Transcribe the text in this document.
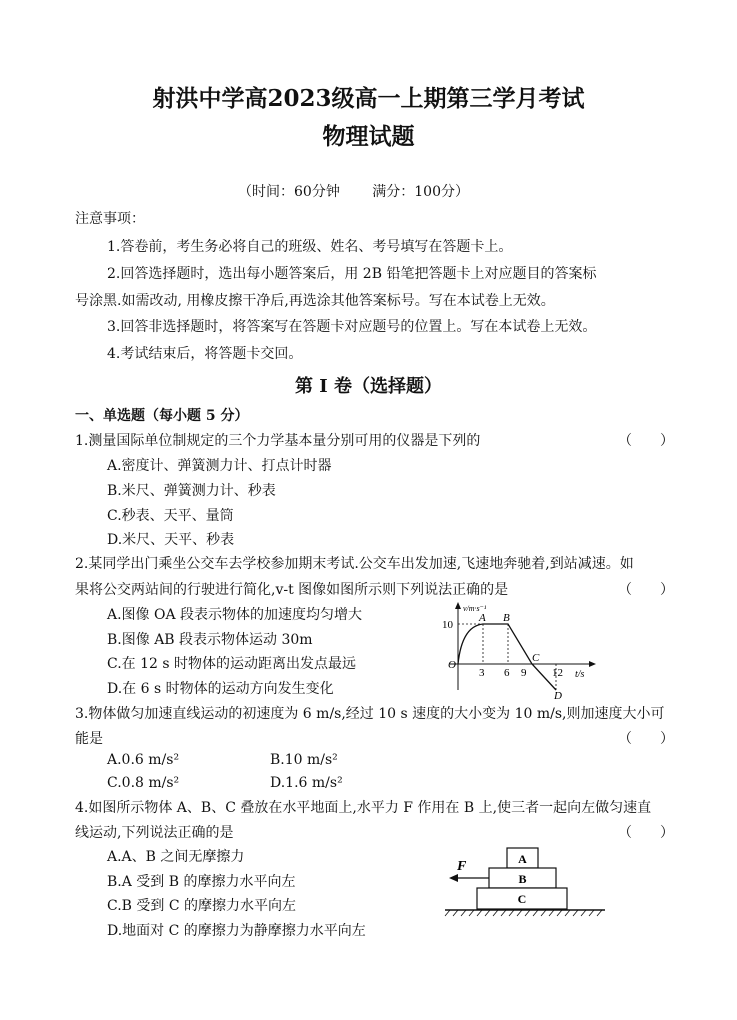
射洪中学高2023级高一上期第三学月考试
物理试题
（时间：60分钟　　 满分：100分）
注意事项：
1.答卷前，考生务必将自己的班级、姓名、考号填写在答题卡上。
2.回答选择题时，选出每小题答案后，用 2B 铅笔把答题卡上对应题目的答案标
号涂黑.如需改动, 用橡皮擦干净后,再选涂其他答案标号。写在本试卷上无效。
3.回答非选择题时，将答案写在答题卡对应题号的位置上。写在本试卷上无效。
4.考试结束后，将答题卡交回。
第 I 卷（选择题）
一、单选题（每小题 5 分）
1.测量国际单位制规定的三个力学基本量分别可用的仪器是下列的	（　　）
A.密度计、弹簧测力计、打点计时器
B.米尺、弹簧测力计、秒表
C.秒表、天平、量筒
D.米尺、天平、秒表
2.某同学出门乘坐公交车去学校参加期末考试.公交车出发加速,飞速地奔驰着,到站减速。如
果将公交两站间的行驶进行简化,v-t 图像如图所示则下列说法正确的是	（　　）
A.图像 OA 段表示物体的加速度均匀增大
B.图像 AB 段表示物体运动 30m
C.在 12 s 时物体的运动距离出发点最远
D.在 6 s 时物体的运动方向发生变化
v/m·s⁻¹
t/s
O
10
3 6 9 12
A B
C
D
3.物体做匀加速直线运动的初速度为 6 m/s,经过 10 s 速度的大小变为 10 m/s,则加速度大小可
能是	（　　）
A.0.6 m/s²	B.10 m/s²
C.0.8 m/s²	D.1.6 m/s²
4.如图所示物体 A、B、C 叠放在水平地面上,水平力 F 作用在 B 上,使三者一起向左做匀速直
线运动,下列说法正确的是	（　　）
A.A、B 之间无摩擦力
B.A 受到 B 的摩擦力水平向左
C.B 受到 C 的摩擦力水平向左
D.地面对 C 的摩擦力为静摩擦力水平向左
F	A
B
C
